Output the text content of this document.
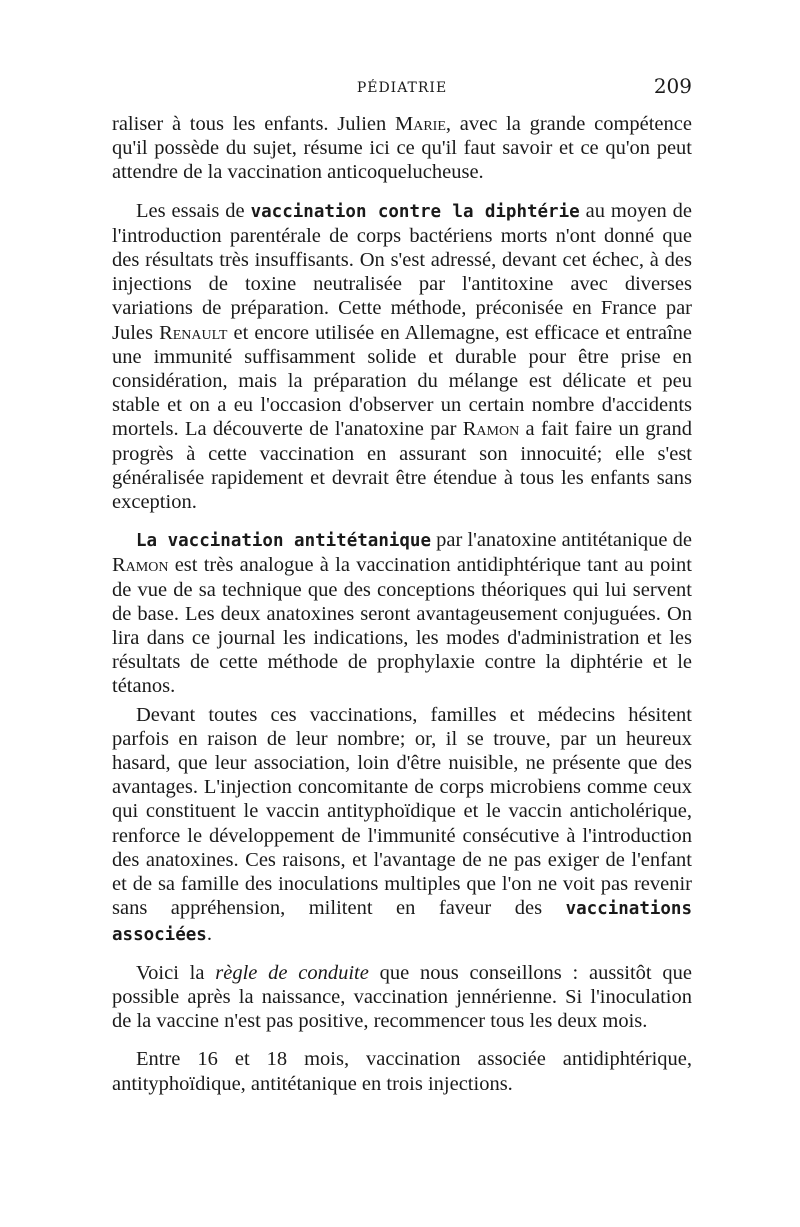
PÉDIATRIE	209

raliser à tous les enfants. Julien Marie, avec la grande compétence qu'il possède du sujet, résume ici ce qu'il faut savoir et ce qu'on peut attendre de la vaccination anticoquelucheuse.

Les essais de vaccination contre la diphtérie au moyen de l'introduction parentérale de corps bactériens morts n'ont donné que des résultats très insuffisants. On s'est adressé, devant cet échec, à des injections de toxine neutralisée par l'antitoxine avec diverses variations de préparation. Cette méthode, préconisée en France par Jules Renault et encore utilisée en Allemagne, est efficace et entraîne une immunité suffisamment solide et durable pour être prise en considération, mais la préparation du mélange est délicate et peu stable et on a eu l'occasion d'observer un certain nombre d'accidents mortels. La découverte de l'anatoxine par Ramon a fait faire un grand progrès à cette vaccination en assurant son innocuité; elle s'est généralisée rapidement et devrait être étendue à tous les enfants sans exception.

La vaccination antitétanique par l'anatoxine antitétanique de Ramon est très analogue à la vaccination antidiphtérique tant au point de vue de sa technique que des conceptions théoriques qui lui servent de base. Les deux anatoxines seront avantageusement conjuguées. On lira dans ce journal les indications, les modes d'administration et les résultats de cette méthode de prophylaxie contre la diphtérie et le tétanos.

Devant toutes ces vaccinations, familles et médecins hésitent parfois en raison de leur nombre; or, il se trouve, par un heureux hasard, que leur association, loin d'être nuisible, ne présente que des avantages. L'injection concomitante de corps microbiens comme ceux qui constituent le vaccin antityphoïdique et le vaccin anticholérique, renforce le développement de l'immunité consécutive à l'introduction des anatoxines. Ces raisons, et l'avantage de ne pas exiger de l'enfant et de sa famille des inoculations multiples que l'on ne voit pas revenir sans appréhension, militent en faveur des vaccinations associées.

Voici la règle de conduite que nous conseillons : aussitôt que possible après la naissance, vaccination jennérienne. Si l'inoculation de la vaccine n'est pas positive, recommencer tous les deux mois.

Entre 16 et 18 mois, vaccination associée antidiphtérique, antityphoïdique, antitétanique en trois injections.
